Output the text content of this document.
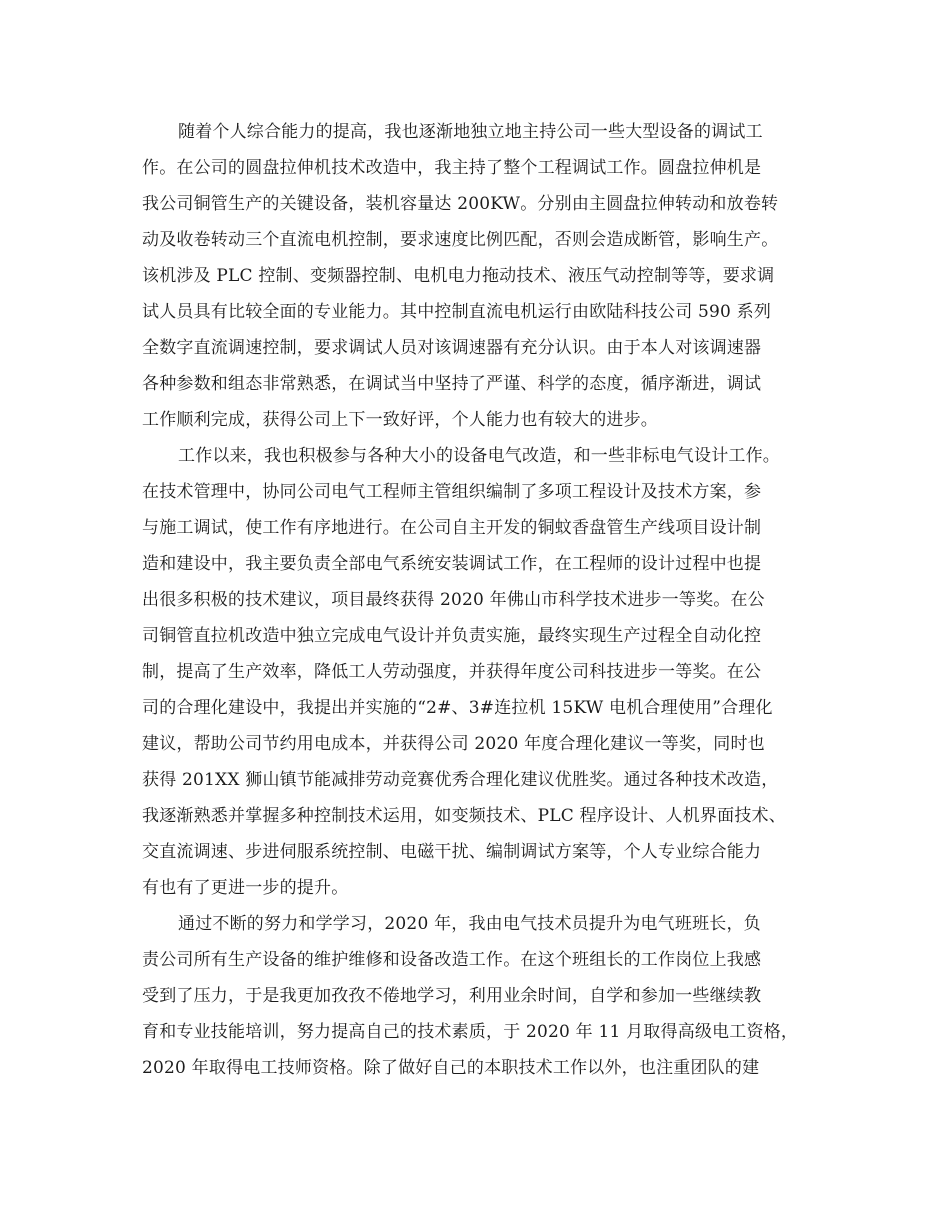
随着个人综合能力的提高，我也逐渐地独立地主持公司一些大型设备的调试工
作。在公司的圆盘拉伸机技术改造中，我主持了整个工程调试工作。圆盘拉伸机是
我公司铜管生产的关键设备，装机容量达 200KW。分别由主圆盘拉伸转动和放卷转
动及收卷转动三个直流电机控制，要求速度比例匹配，否则会造成断管，影响生产。
该机涉及 PLC 控制、变频器控制、电机电力拖动技术、液压气动控制等等，要求调
试人员具有比较全面的专业能力。其中控制直流电机运行由欧陆科技公司 590 系列
全数字直流调速控制，要求调试人员对该调速器有充分认识。由于本人对该调速器
各种参数和组态非常熟悉，在调试当中坚持了严谨、科学的态度，循序渐进，调试
工作顺利完成，获得公司上下一致好评，个人能力也有较大的进步。
工作以来，我也积极参与各种大小的设备电气改造，和一些非标电气设计工作。
在技术管理中，协同公司电气工程师主管组织编制了多项工程设计及技术方案，参
与施工调试，使工作有序地进行。在公司自主开发的铜蚊香盘管生产线项目设计制
造和建设中，我主要负责全部电气系统安装调试工作，在工程师的设计过程中也提
出很多积极的技术建议，项目最终获得 2020 年佛山市科学技术进步一等奖。在公
司铜管直拉机改造中独立完成电气设计并负责实施，最终实现生产过程全自动化控
制，提高了生产效率，降低工人劳动强度，并获得年度公司科技进步一等奖。在公
司的合理化建设中，我提出并实施的“2#、3#连拉机 15KW 电机合理使用”合理化
建议，帮助公司节约用电成本，并获得公司 2020 年度合理化建议一等奖，同时也
获得 201XX 狮山镇节能减排劳动竞赛优秀合理化建议优胜奖。通过各种技术改造，
我逐渐熟悉并掌握多种控制技术运用，如变频技术、PLC 程序设计、人机界面技术、
交直流调速、步进伺服系统控制、电磁干扰、编制调试方案等，个人专业综合能力
有也有了更进一步的提升。
通过不断的努力和学学习，2020 年，我由电气技术员提升为电气班班长，负
责公司所有生产设备的维护维修和设备改造工作。在这个班组长的工作岗位上我感
受到了压力，于是我更加孜孜不倦地学习，利用业余时间，自学和参加一些继续教
育和专业技能培训，努力提高自己的技术素质，于 2020 年 11 月取得高级电工资格，
2020 年取得电工技师资格。除了做好自己的本职技术工作以外，也注重团队的建
